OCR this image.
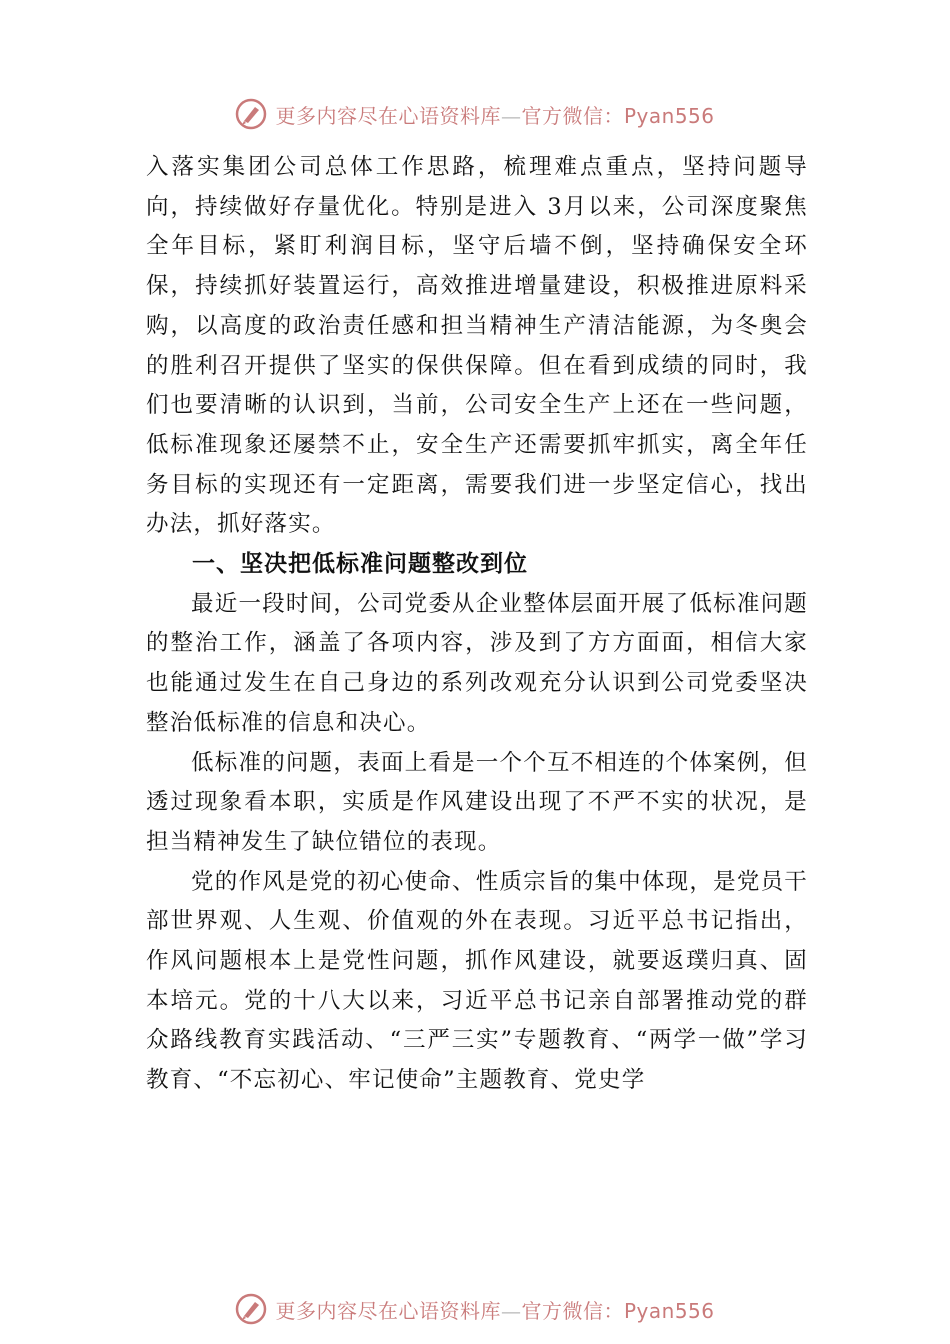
更多内容尽在心语资料库—官方微信：Pyan556

入落实集团公司总体工作思路，梳理难点重点，坚持问题导向，持续做好存量优化。特别是进入 3月以来，公司深度聚焦全年目标，紧盯利润目标，坚守后墙不倒，坚持确保安全环保，持续抓好装置运行，高效推进增量建设，积极推进原料采购，以高度的政治责任感和担当精神生产清洁能源，为冬奥会的胜利召开提供了坚实的保供保障。但在看到成绩的同时，我们也要清晰的认识到，当前，公司安全生产上还在一些问题，低标准现象还屡禁不止，安全生产还需要抓牢抓实，离全年任务目标的实现还有一定距离，需要我们进一步坚定信心，找出办法，抓好落实。

一、坚决把低标准问题整改到位

最近一段时间，公司党委从企业整体层面开展了低标准问题的整治工作，涵盖了各项内容，涉及到了方方面面，相信大家也能通过发生在自己身边的系列改观充分认识到公司党委坚决整治低标准的信息和决心。

低标准的问题，表面上看是一个个互不相连的个体案例，但透过现象看本职，实质是作风建设出现了不严不实的状况，是担当精神发生了缺位错位的表现。

党的作风是党的初心使命、性质宗旨的集中体现，是党员干部世界观、人生观、价值观的外在表现。习近平总书记指出，作风问题根本上是党性问题，抓作风建设，就要返璞归真、固本培元。党的十八大以来，习近平总书记亲自部署推动党的群众路线教育实践活动、“三严三实”专题教育、“两学一做”学习教育、“不忘初心、牢记使命”主题教育、党史学

更多内容尽在心语资料库—官方微信：Pyan556
